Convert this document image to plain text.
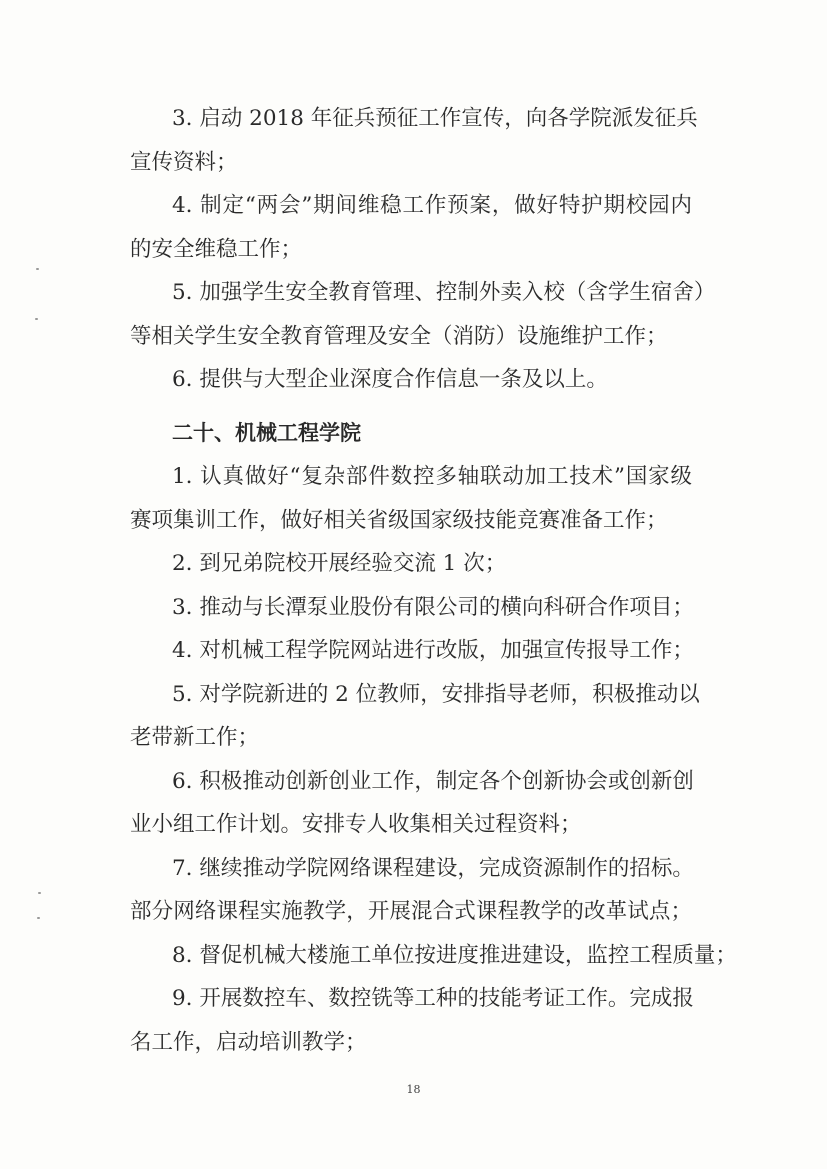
3. 启动 2018 年征兵预征工作宣传，向各学院派发征兵
宣传资料；
4. 制定“两会”期间维稳工作预案，做好特护期校园内
的安全维稳工作；
5. 加强学生安全教育管理、控制外卖入校（含学生宿舍）
等相关学生安全教育管理及安全（消防）设施维护工作；
6. 提供与大型企业深度合作信息一条及以上。
二十、机械工程学院
1. 认真做好“复杂部件数控多轴联动加工技术”国家级
赛项集训工作，做好相关省级国家级技能竞赛准备工作；
2. 到兄弟院校开展经验交流 1 次；
3. 推动与长潭泵业股份有限公司的横向科研合作项目；
4. 对机械工程学院网站进行改版，加强宣传报导工作；
5. 对学院新进的 2 位教师，安排指导老师，积极推动以
老带新工作；
6. 积极推动创新创业工作，制定各个创新协会或创新创
业小组工作计划。安排专人收集相关过程资料；
7. 继续推动学院网络课程建设，完成资源制作的招标。
部分网络课程实施教学，开展混合式课程教学的改革试点；
8. 督促机械大楼施工单位按进度推进建设，监控工程质量；
9. 开展数控车、数控铣等工种的技能考证工作。完成报
名工作，启动培训教学；
18
